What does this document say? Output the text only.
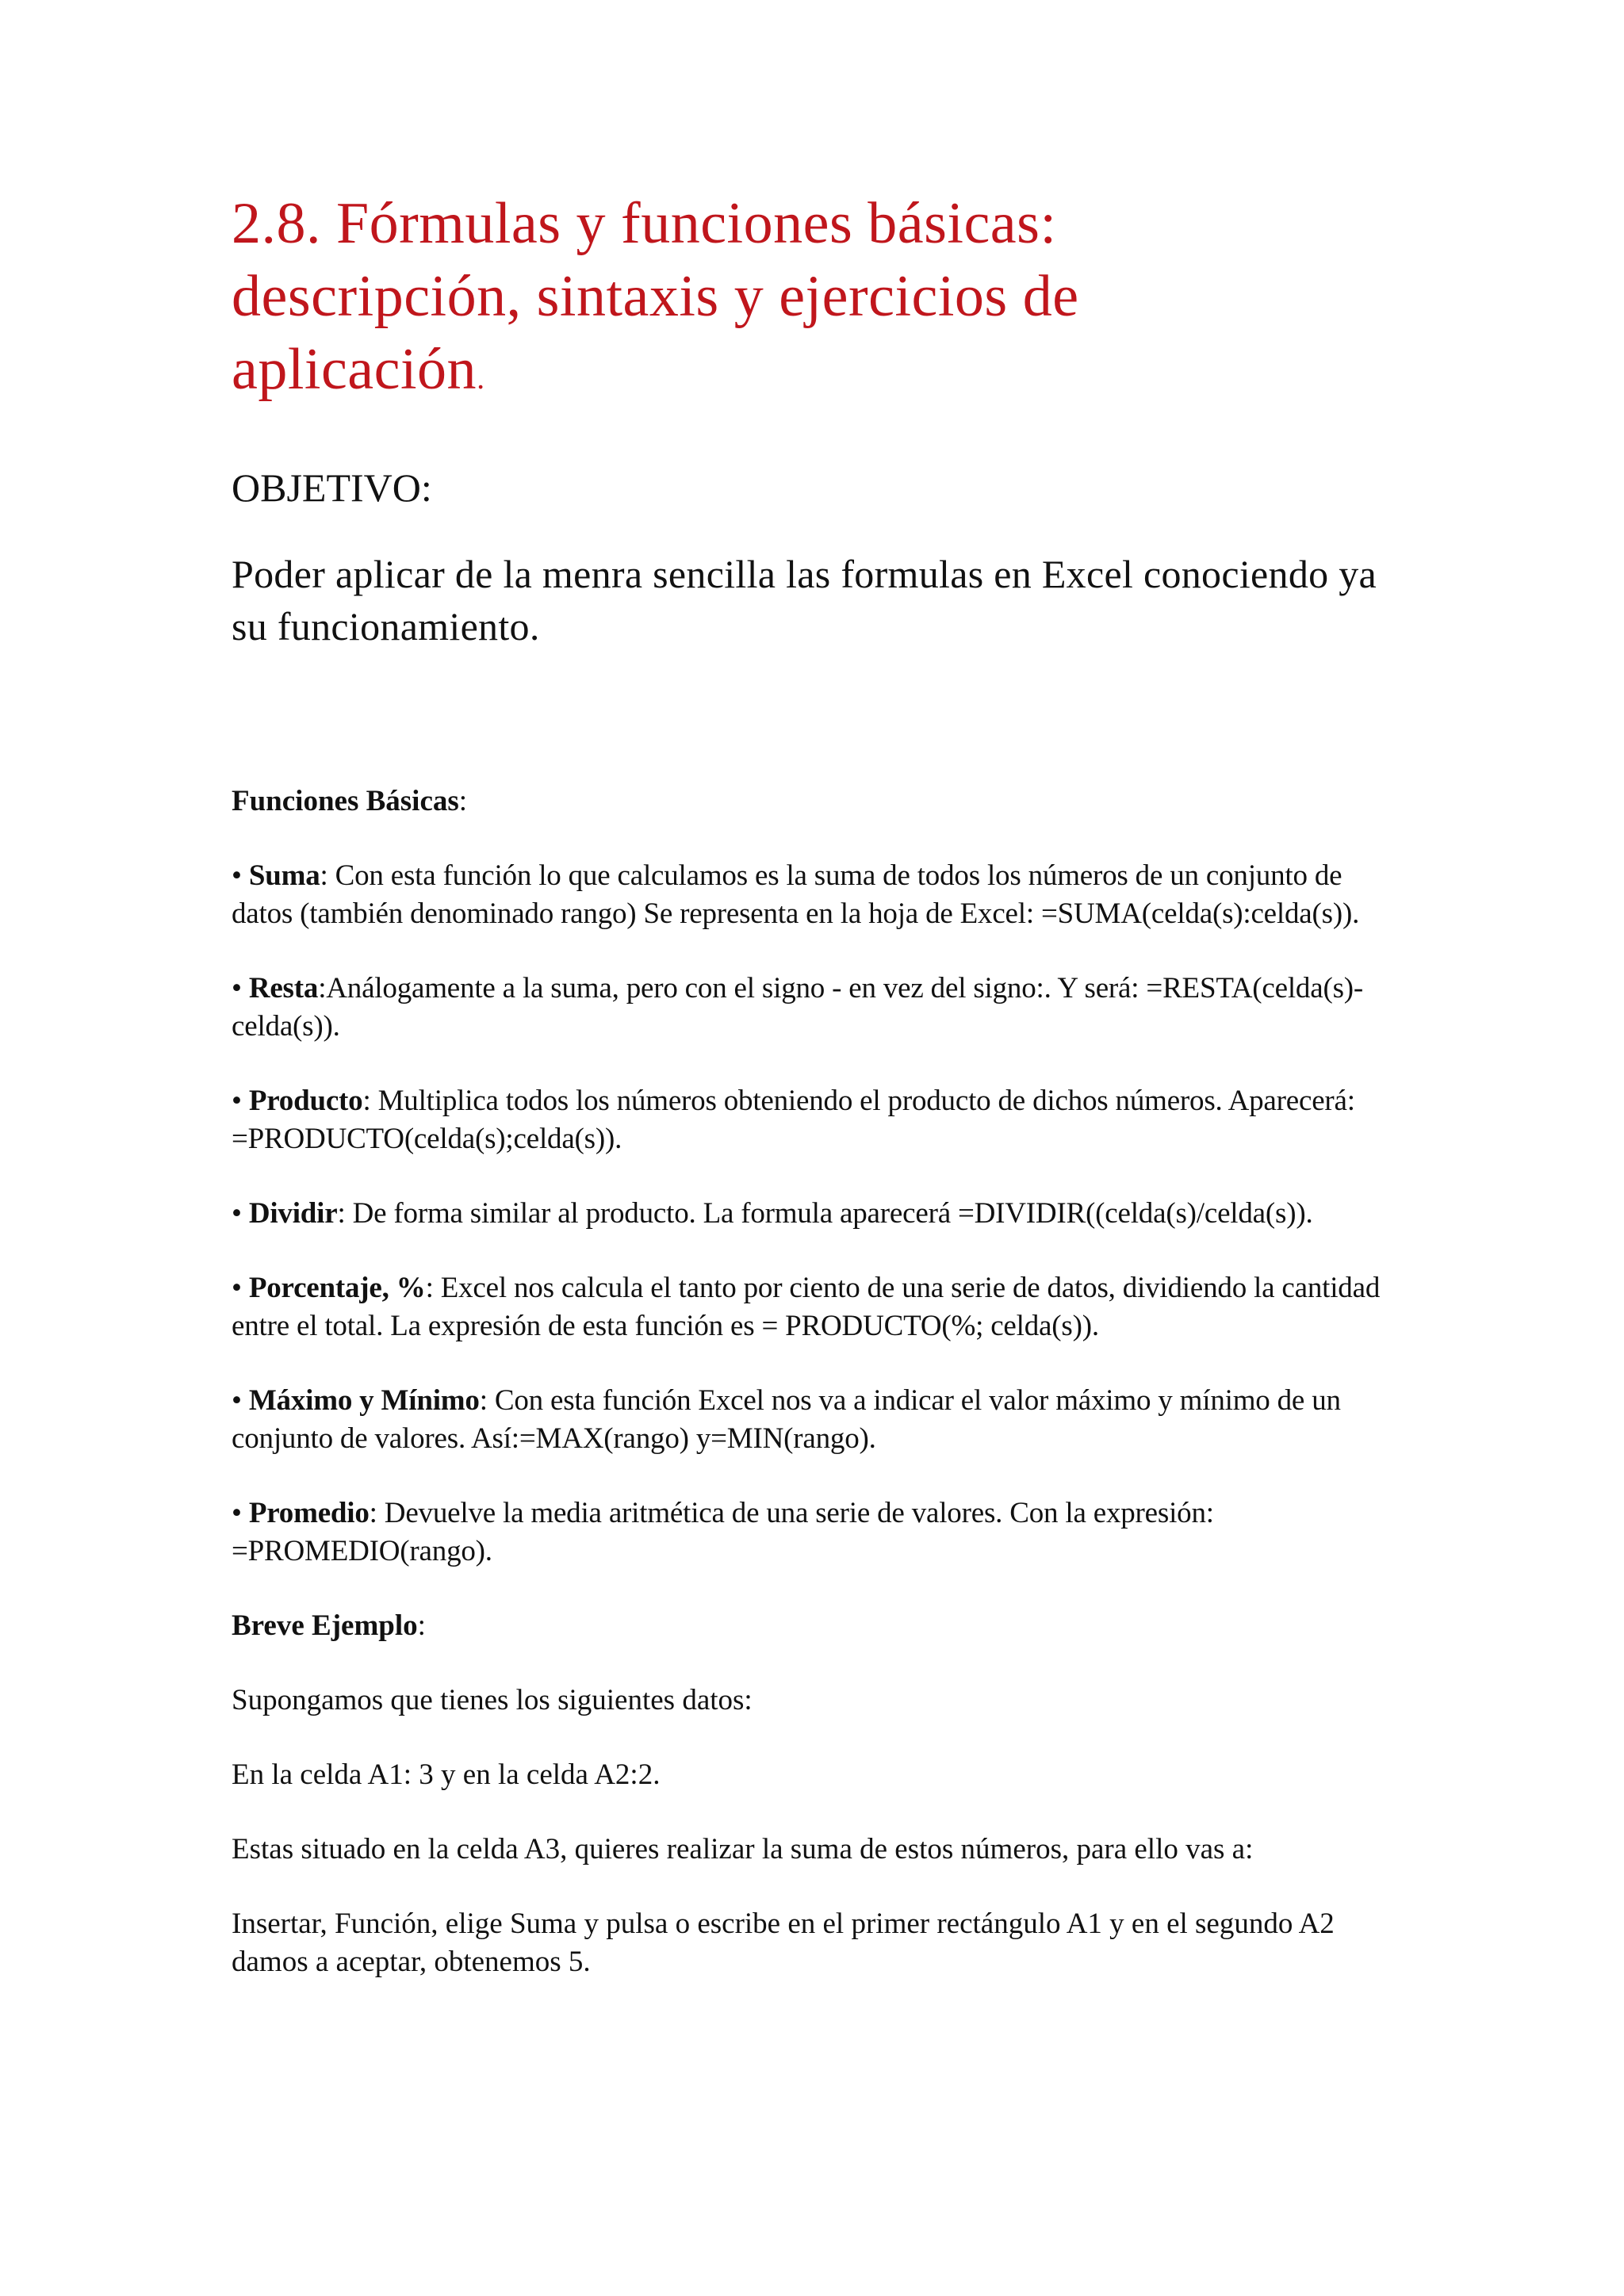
2.8. Fórmulas y funciones básicas:
descripción, sintaxis y ejercicios de
aplicación.

OBJETIVO:

Poder aplicar de la menra sencilla las formulas en Excel conociendo ya su funcionamiento.

Funciones Básicas:

• Suma: Con esta función lo que calculamos es la suma de todos los números de un conjunto de datos (también denominado rango) Se representa en la hoja de Excel: =SUMA(celda(s):celda(s)).

• Resta:Análogamente a la suma, pero con el signo - en vez del signo:. Y será: =RESTA(celda(s)-celda(s)).

• Producto: Multiplica todos los números obteniendo el producto de dichos números. Aparecerá: =PRODUCTO(celda(s);celda(s)).

• Dividir: De forma similar al producto. La formula aparecerá =DIVIDIR((celda(s)/celda(s)).

• Porcentaje, %: Excel nos calcula el tanto por ciento de una serie de datos, dividiendo la cantidad entre el total. La expresión de esta función es = PRODUCTO(%; celda(s)).

• Máximo y Mínimo: Con esta función Excel nos va a indicar el valor máximo y mínimo de un conjunto de valores. Así:=MAX(rango) y=MIN(rango).

• Promedio: Devuelve la media aritmética de una serie de valores. Con la expresión: =PROMEDIO(rango).

Breve Ejemplo:

Supongamos que tienes los siguientes datos:

En la celda A1: 3 y en la celda A2:2.

Estas situado en la celda A3, quieres realizar la suma de estos números, para ello vas a:

Insertar, Función, elige Suma y pulsa o escribe en el primer rectángulo A1 y en el segundo A2 damos a aceptar, obtenemos 5.
